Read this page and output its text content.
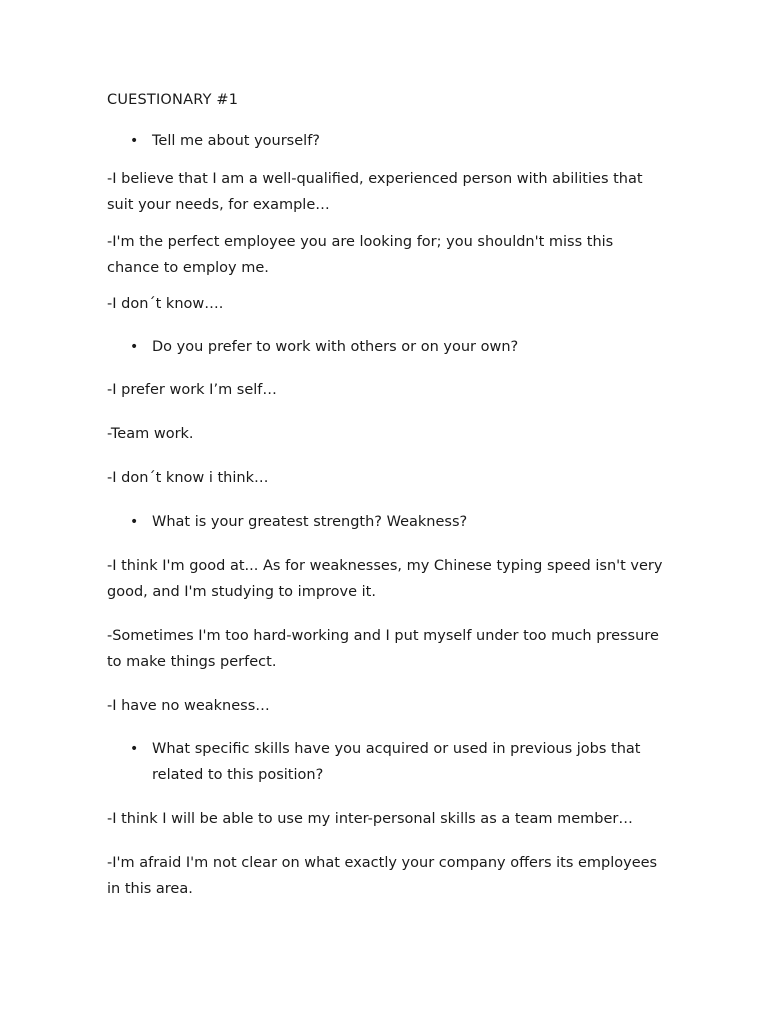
CUESTIONARY #1
• Tell me about yourself?

-I believe that I am a well-qualified, experienced person with abilities that suit your needs, for example…

-I'm the perfect employee you are looking for; you shouldn't miss this chance to employ me.

-I don´t know….

• Do you prefer to work with others or on your own?

-I prefer work I’m self…

-Team work.

-I don´t know i think…

• What is your greatest strength? Weakness?

-I think I'm good at... As for weaknesses, my Chinese typing speed isn't very good, and I'm studying to improve it.

-Sometimes I'm too hard-working and I put myself under too much pressure to make things perfect.

-I have no weakness…

• What specific skills have you acquired or used in previous jobs that related to this position?

-I think I will be able to use my inter-personal skills as a team member…

-I'm afraid I'm not clear on what exactly your company offers its employees in this area.
